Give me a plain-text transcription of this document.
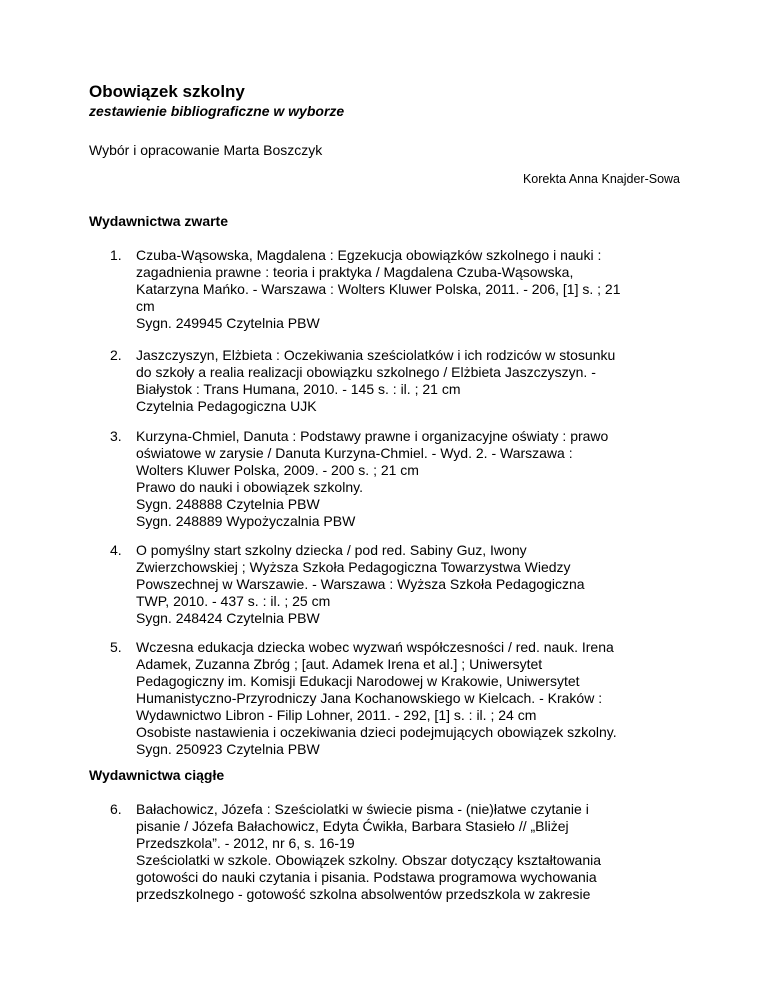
Obowiązek szkolny
zestawienie bibliograficzne w wyborze
Wybór i opracowanie Marta Boszczyk
Korekta Anna Knajder-Sowa
Wydawnictwa zwarte
1.	Czuba-Wąsowska, Magdalena : Egzekucja obowiązków szkolnego i nauki :
zagadnienia prawne : teoria i praktyka / Magdalena Czuba-Wąsowska,
Katarzyna Mańko. - Warszawa : Wolters Kluwer Polska, 2011. - 206, [1] s. ; 21
cm
Sygn. 249945 Czytelnia PBW
2.	Jaszczyszyn, Elżbieta : Oczekiwania sześciolatków i ich rodziców w stosunku
do szkoły a realia realizacji obowiązku szkolnego / Elżbieta Jaszczyszyn. -
Białystok : Trans Humana, 2010. - 145 s. : il. ; 21 cm
Czytelnia Pedagogiczna UJK
3.	Kurzyna-Chmiel, Danuta : Podstawy prawne i organizacyjne oświaty : prawo
oświatowe w zarysie / Danuta Kurzyna-Chmiel. - Wyd. 2. - Warszawa :
Wolters Kluwer Polska, 2009. - 200 s. ; 21 cm
Prawo do nauki i obowiązek szkolny.
Sygn. 248888 Czytelnia PBW
Sygn. 248889 Wypożyczalnia PBW
4.	O pomyślny start szkolny dziecka / pod red. Sabiny Guz, Iwony
Zwierzchowskiej ; Wyższa Szkoła Pedagogiczna Towarzystwa Wiedzy
Powszechnej w Warszawie. - Warszawa : Wyższa Szkoła Pedagogiczna
TWP, 2010. - 437 s. : il. ; 25 cm
Sygn. 248424 Czytelnia PBW
5.	Wczesna edukacja dziecka wobec wyzwań współczesności / red. nauk. Irena
Adamek, Zuzanna Zbróg ; [aut. Adamek Irena et al.] ; Uniwersytet
Pedagogiczny im. Komisji Edukacji Narodowej w Krakowie, Uniwersytet
Humanistyczno-Przyrodniczy Jana Kochanowskiego w Kielcach. - Kraków :
Wydawnictwo Libron - Filip Lohner, 2011. - 292, [1] s. : il. ; 24 cm
Osobiste nastawienia i oczekiwania dzieci podejmujących obowiązek szkolny.
Sygn. 250923 Czytelnia PBW
Wydawnictwa ciągłe
6.	Bałachowicz, Józefa : Sześciolatki w świecie pisma - (nie)łatwe czytanie i
pisanie / Józefa Bałachowicz, Edyta Ćwikła, Barbara Stasieło // „Bliżej
Przedszkola”. - 2012, nr 6, s. 16-19
Sześciolatki w szkole. Obowiązek szkolny. Obszar dotyczący kształtowania
gotowości do nauki czytania i pisania. Podstawa programowa wychowania
przedszkolnego - gotowość szkolna absolwentów przedszkola w zakresie
